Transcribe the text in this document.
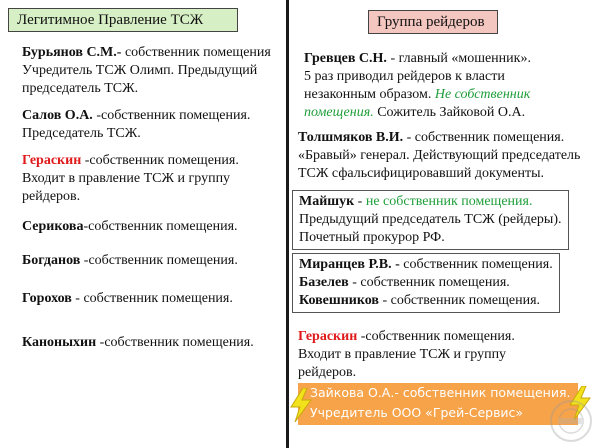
Легитимное Правление ТСЖ
Бурьянов С.М.- собственник помещения
Учредитель ТСЖ Олимп. Предыдущий
председатель ТСЖ.
Салов О.А. -собственник помещения.
Председатель ТСЖ.
Гераскин -собственник помещения.
Входит в правление ТСЖ и группу
рейдеров.
Серикова-собственник помещения.
Богданов -собственник помещения.
Горохов - собственник помещения.
Каноныхин -собственник помещения.
Группа рейдеров
Гревцев С.Н. - главный «мошенник».
5 раз приводил рейдеров к власти
незаконным образом. Не собственник
помещения. Сожитель Зайковой О.А.
Толшмяков В.И. - собственник помещения.
«Бравый» генерал. Действующий председатель
ТСЖ сфальсифицировавший документы.
Майшук - не собственник помещения.
Предыдущий председатель ТСЖ (рейдеры).
Почетный прокурор РФ.
Миранцев Р.В. - собственник помещения.
Базелев - собственник помещения.
Ковешников - собственник помещения.
Гераскин -собственник помещения.
Входит в правление ТСЖ и группу
рейдеров.
Зайкова О.А.- собственник помещения.
Учредитель ООО «Грей-Сервис»
